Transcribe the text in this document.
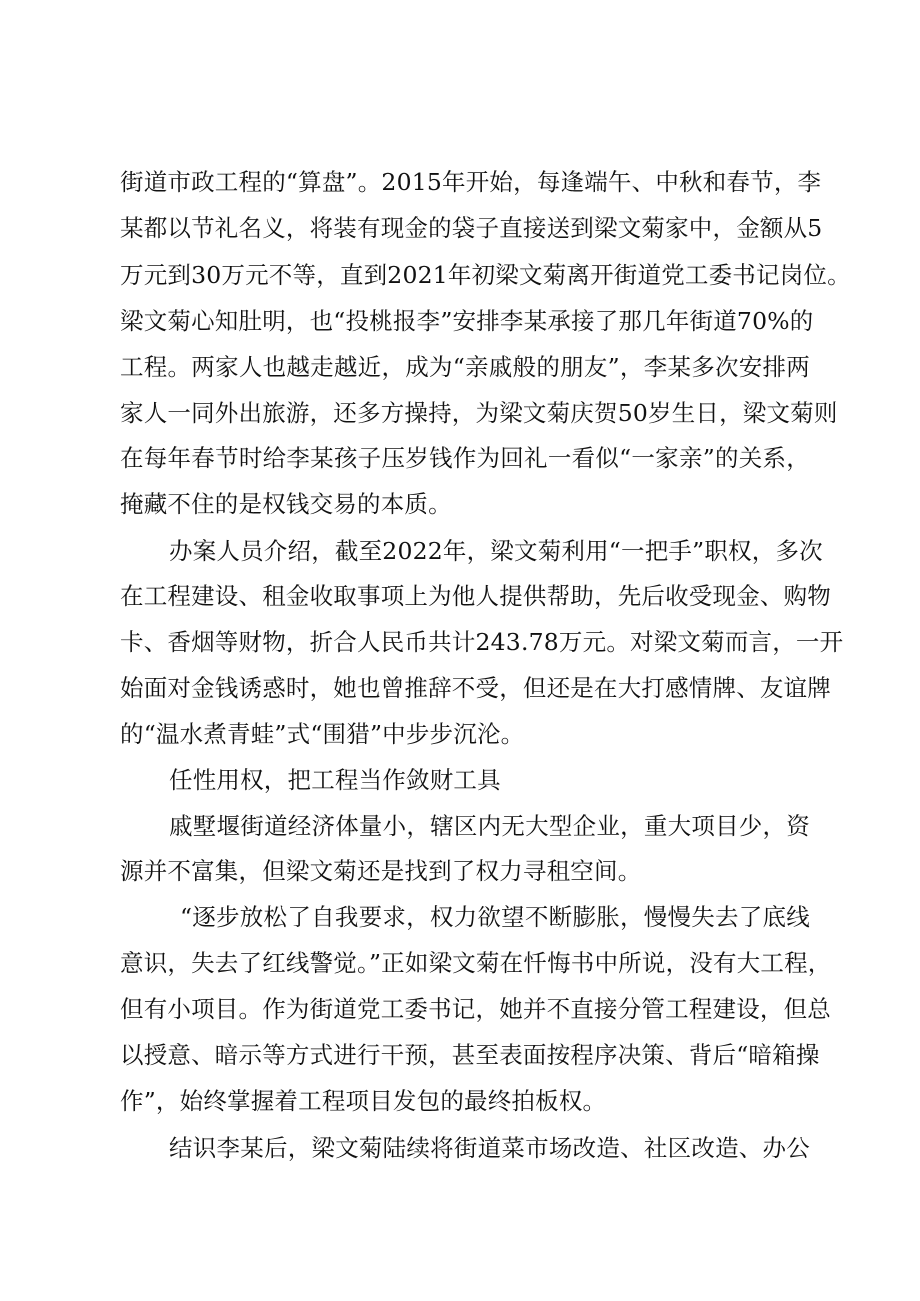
街道市政工程的“算盘”。2015年开始，每逢端午、中秋和春节，李
某都以节礼名义，将装有现金的袋子直接送到梁文菊家中，金额从5
万元到30万元不等，直到2021年初梁文菊离开街道党工委书记岗位。
梁文菊心知肚明，也“投桃报李”安排李某承接了那几年街道70%的
工程。两家人也越走越近，成为“亲戚般的朋友”，李某多次安排两
家人一同外出旅游，还多方操持，为梁文菊庆贺50岁生日，梁文菊则
在每年春节时给李某孩子压岁钱作为回礼一看似“一家亲”的关系，
掩藏不住的是权钱交易的本质。
办案人员介绍，截至2022年，梁文菊利用“一把手”职权，多次
在工程建设、租金收取事项上为他人提供帮助，先后收受现金、购物
卡、香烟等财物，折合人民币共计243.78万元。对梁文菊而言，一开
始面对金钱诱惑时，她也曾推辞不受，但还是在大打感情牌、友谊牌
的“温水煮青蛙”式“围猎”中步步沉沦。
任性用权，把工程当作敛财工具
戚墅堰街道经济体量小，辖区内无大型企业，重大项目少，资
源并不富集，但梁文菊还是找到了权力寻租空间。
“逐步放松了自我要求，权力欲望不断膨胀，慢慢失去了底线
意识，失去了红线警觉。”正如梁文菊在忏悔书中所说，没有大工程，
但有小项目。作为街道党工委书记，她并不直接分管工程建设，但总
以授意、暗示等方式进行干预，甚至表面按程序决策、背后“暗箱操
作”，始终掌握着工程项目发包的最终拍板权。
结识李某后，梁文菊陆续将街道菜市场改造、社区改造、办公
